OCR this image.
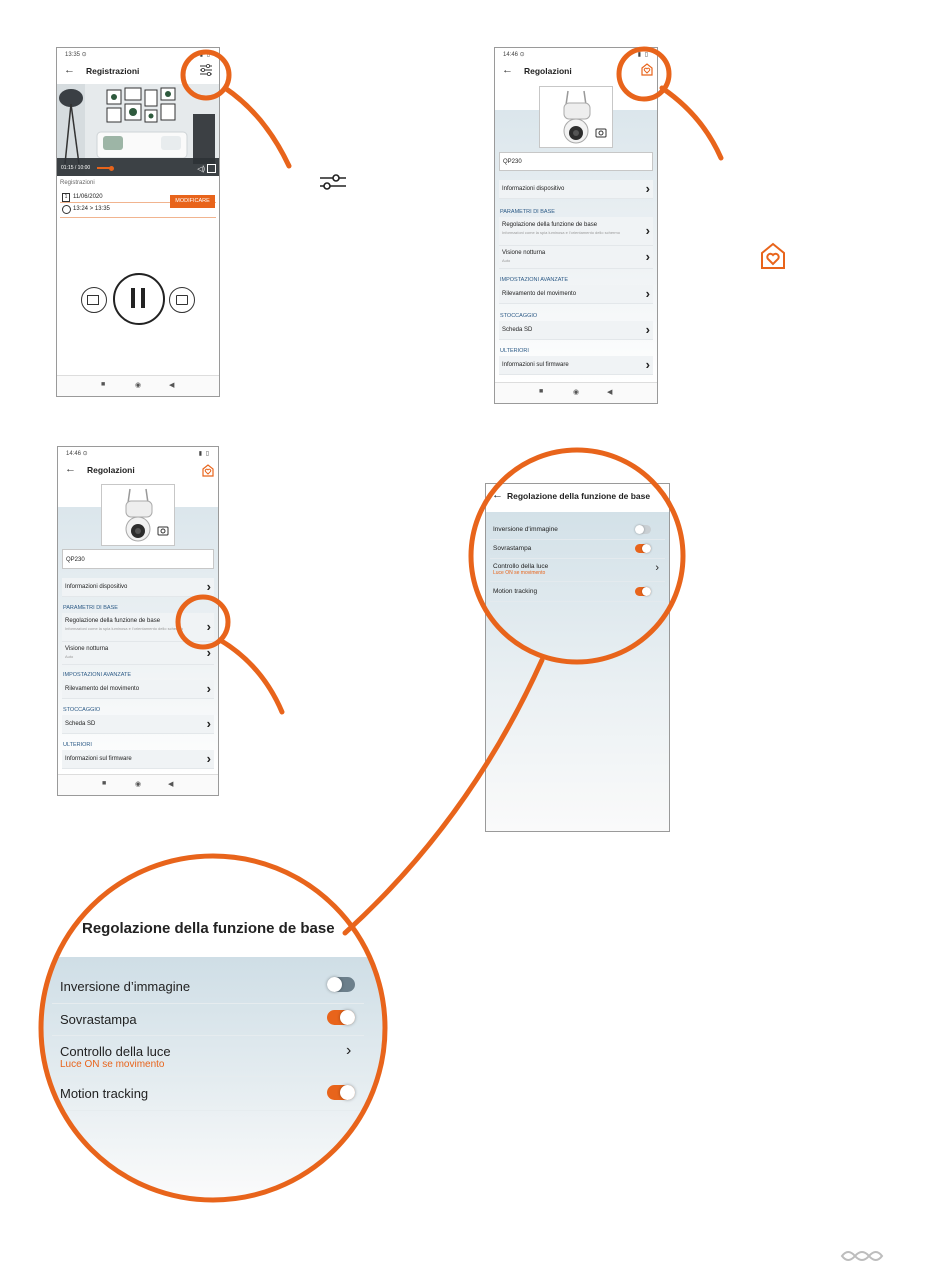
13:35 ⊙	▮ ▯
← Registrazioni
01:15 / 10:00	◁)
Registrazioni
1 11/06/2020
13:24 > 13:35
MODIFICARE
■	◉	◀
14:46 ⊙	▮ ▯
← Regolazioni
QP230
Informazioni dispositivo	›
PARAMETRI DI BASE
Regolazione della funzione de base
Informazioni come la spia luminosa e l'orientamento dello schermo	›
Visione notturna
Auto	›
IMPOSTAZIONI AVANZATE
Rilevamento del movimento	›
STOCCAGGIO
Scheda SD	›
ULTERIORI
Informazioni sul firmware	›
■	◉	◀
14:46 ⊙	▮ ▯
← Regolazioni
QP230
Informazioni dispositivo	›
PARAMETRI DI BASE
Regolazione della funzione de base
Informazioni come la spia luminosa e l'orientamento dello schermo	›
Visione notturna
Auto	›
IMPOSTAZIONI AVANZATE
Rilevamento del movimento	›
STOCCAGGIO
Scheda SD	›
ULTERIORI
Informazioni sul firmware	›
■	◉	◀
← Regolazione della funzione de base
Inversione d'immagine
Sovrastampa
Controllo della luce
Luce ON se movimento	›
Motion tracking
Regolazione della funzione de base
Inversione d’immagine
Sovrastampa
Controllo della luce
Luce ON se movimento
›
Motion tracking
